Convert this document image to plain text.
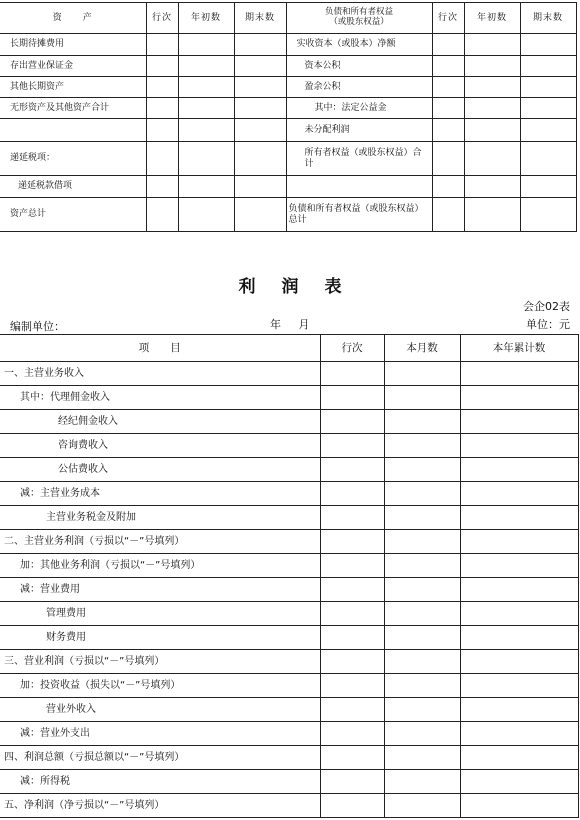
资　　产	行次	年初数	期末数	负债和所有者权益
（或股东权益）	行次	年初数	期末数
长期待摊费用				实收资本（或股本）净额			
存出营业保证金				资本公积			
其他长期资产				盈余公积			
无形资产及其他资产合计				其中：法定公益金			
				未分配利润			
递延税项：				所有者权益（或股东权益）合计			
递延税款借项							
资产总计				负债和所有者权益（或股东权益）总计			
利润表
会企02表
编制单位：	年 月	单位：元
项　　目	行次	本月数	本年累计数
一、主营业务收入			
其中：代理佣金收入			
经纪佣金收入			
咨询费收入			
公估费收入			
减：主营业务成本			
主营业务税金及附加			
二、主营业务利润（亏损以“－”号填列）			
加：其他业务利润（亏损以“－”号填列）			
减：营业费用			
管理费用			
财务费用			
三、营业利润（亏损以“－”号填列）			
加：投资收益（损失以“－”号填列）			
营业外收入			
减：营业外支出			
四、利润总额（亏损总额以“－”号填列）			
减：所得税			
五、净利润（净亏损以“－”号填列）			
